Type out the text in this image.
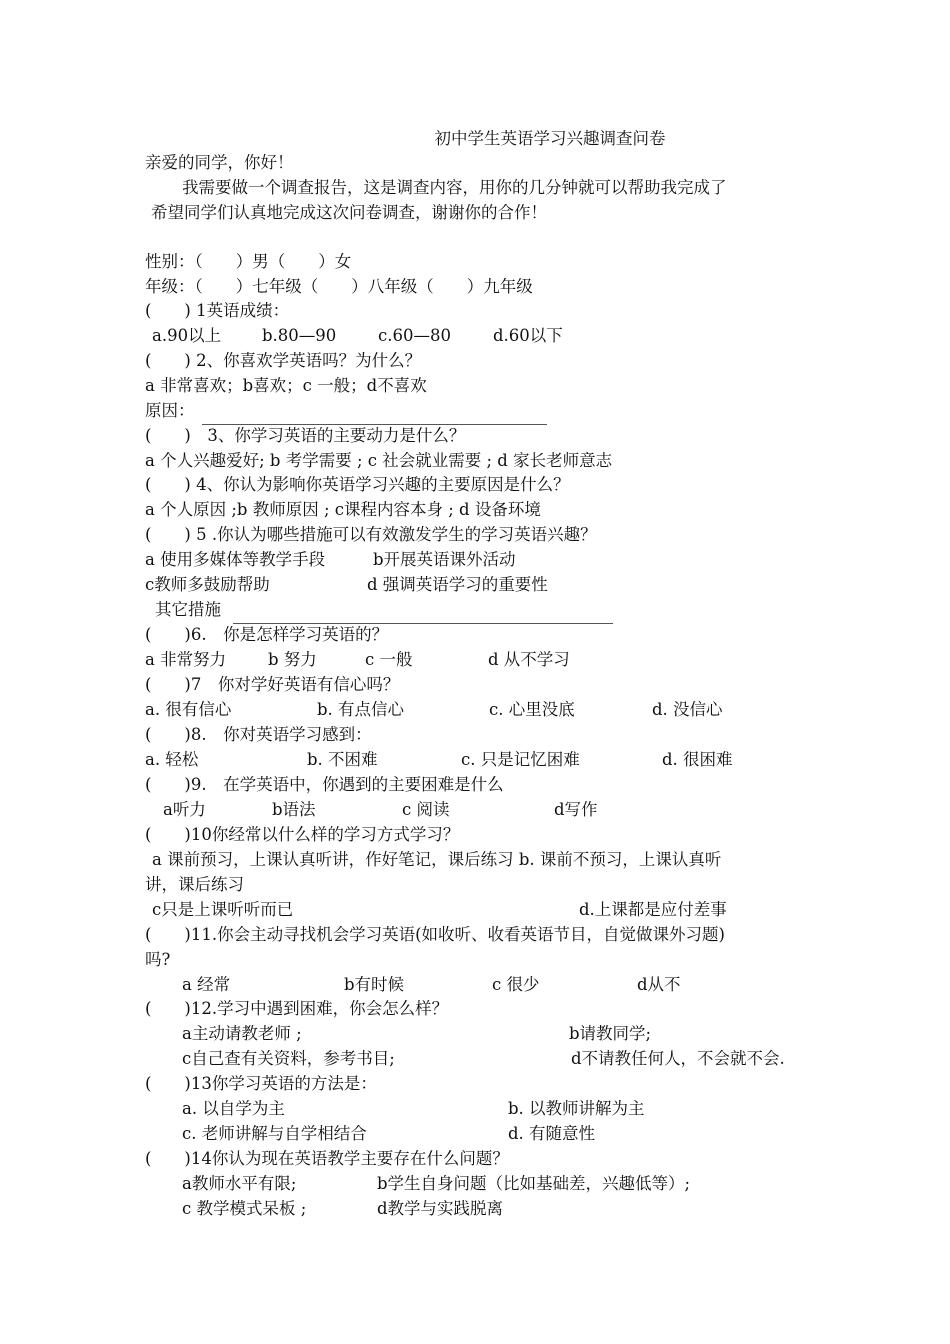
初中学生英语学习兴趣调查问卷

亲爱的同学，你好！

我需要做一个调查报告，这是调查内容，用你的几分钟就可以帮助我完成了

希望同学们认真地完成这次问卷调查，谢谢你的合作！

性别：（　　）男（　　）女

年级：（　　）七年级（　　）八年级（　　）九年级

(　　) 1英语成绩：

a.90以上

b.80—90

	c.60—80

	d.60以下

(　　) 2、你喜欢学英语吗？为什么？

a 非常喜欢；b喜欢；c 一般；d不喜欢

原因：

(　　)　3、你学习英语的主要动力是什么？

a 个人兴趣爱好; b 考学需要 ; c 社会就业需要 ; d 家长老师意志

(　　) 4、你认为影响你英语学习兴趣的主要原因是什么？

a 个人原因 ;b 教师原因 ; c课程内容本身 ; d 设备环境

(　　) 5 .你认为哪些措施可以有效激发学生的学习英语兴趣？

a 使用多媒体等教学手段

	b开展英语课外活动

c教师多鼓励帮助

	d 强调英语学习的重要性

其它措施

(　　)6.　你是怎样学习英语的？

a 非常努力

	b 努力

	c 一般

	d 从不学习

(　　)7　你对学好英语有信心吗？

a. 很有信心

	b. 有点信心

	c. 心里没底

	d. 没信心

(　　)8.　你对英语学习感到：

a. 轻松

	b. 不困难

	c. 只是记忆困难

	d. 很困难

(　　)9.　在学英语中，你遇到的主要困难是什么

a听力

	b语法

	c 阅读

	d写作

(　　)10你经常以什么样的学习方式学习？

a 课前预习，上课认真听讲，作好笔记，课后练习 b. 课前不预习，上课认真听

讲，课后练习

c只是上课听听而已

	d.上课都是应付差事

(　　)11.你会主动寻找机会学习英语(如收听、收看英语节目，自觉做课外习题)

吗?

a 经常

	b有时候

	c 很少

	d从不

(　　)12.学习中遇到困难，你会怎么样？

a主动请教老师 ;

	b请教同学;

c自己查有关资料，参考书目;

	d不请教任何人，不会就不会.

(　　)13你学习英语的方法是：

a. 以自学为主

	b. 以教师讲解为主

c. 老师讲解与自学相结合

	d. 有随意性

(　　)14你认为现在英语教学主要存在什么问题？

a教师水平有限;

	b学生自身问题（比如基础差，兴趣低等）;

c 教学模式呆板 ;

	d教学与实践脱离
